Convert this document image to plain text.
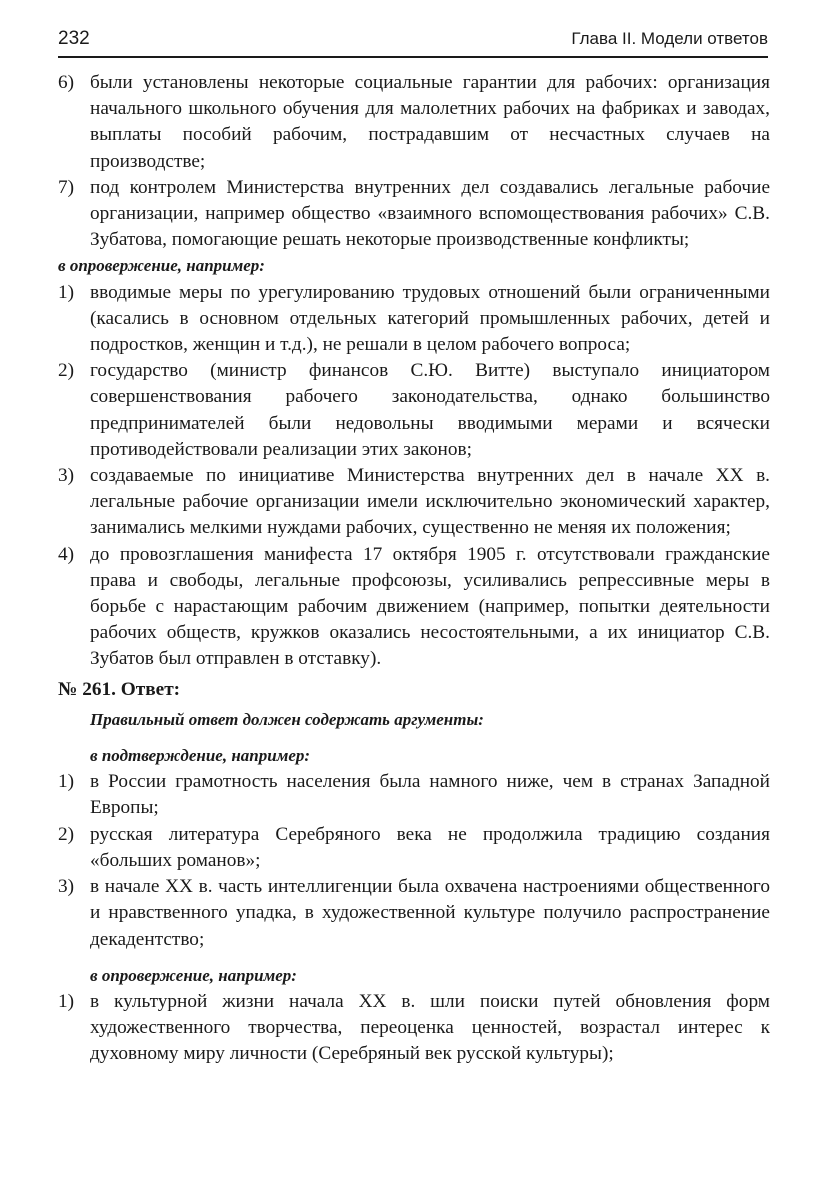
232	Глава II. Модели ответов
6) были установлены некоторые социальные гарантии для рабочих: организация начального школьного обучения для малолетних рабочих на фабриках и заводах, выплаты пособий рабочим, пострадавшим от несчастных случаев на производстве;
7) под контролем Министерства внутренних дел создавались легальные рабочие организации, например общество «взаимного вспомоществования рабочих» С.В. Зубатова, помогающие решать некоторые производственные конфликты;
в опровержение, например:
1) вводимые меры по урегулированию трудовых отношений были ограниченными (касались в основном отдельных категорий промышленных рабочих, детей и подростков, женщин и т.д.), не решали в целом рабочего вопроса;
2) государство (министр финансов С.Ю. Витте) выступало инициатором совершенствования рабочего законодательства, однако большинство предпринимателей были недовольны вводимыми мерами и всячески противодействовали реализации этих законов;
3) создаваемые по инициативе Министерства внутренних дел в начале XX в. легальные рабочие организации имели исключительно экономический характер, занимались мелкими нуждами рабочих, существенно не меняя их положения;
4) до провозглашения манифеста 17 октября 1905 г. отсутствовали гражданские права и свободы, легальные профсоюзы, усиливались репрессивные меры в борьбе с нарастающим рабочим движением (например, попытки деятельности рабочих обществ, кружков оказались несостоятельными, а их инициатор С.В. Зубатов был отправлен в отставку).
№ 261. Ответ:
Правильный ответ должен содержать аргументы:
в подтверждение, например:
1) в России грамотность населения была намного ниже, чем в странах Западной Европы;
2) русская литература Серебряного века не продолжила традицию создания «больших романов»;
3) в начале XX в. часть интеллигенции была охвачена настроениями общественного и нравственного упадка, в художественной культуре получило распространение декадентство;
в опровержение, например:
1) в культурной жизни начала XX в. шли поиски путей обновления форм художественного творчества, переоценка ценностей, возрастал интерес к духовному миру личности (Серебряный век русской культуры);
